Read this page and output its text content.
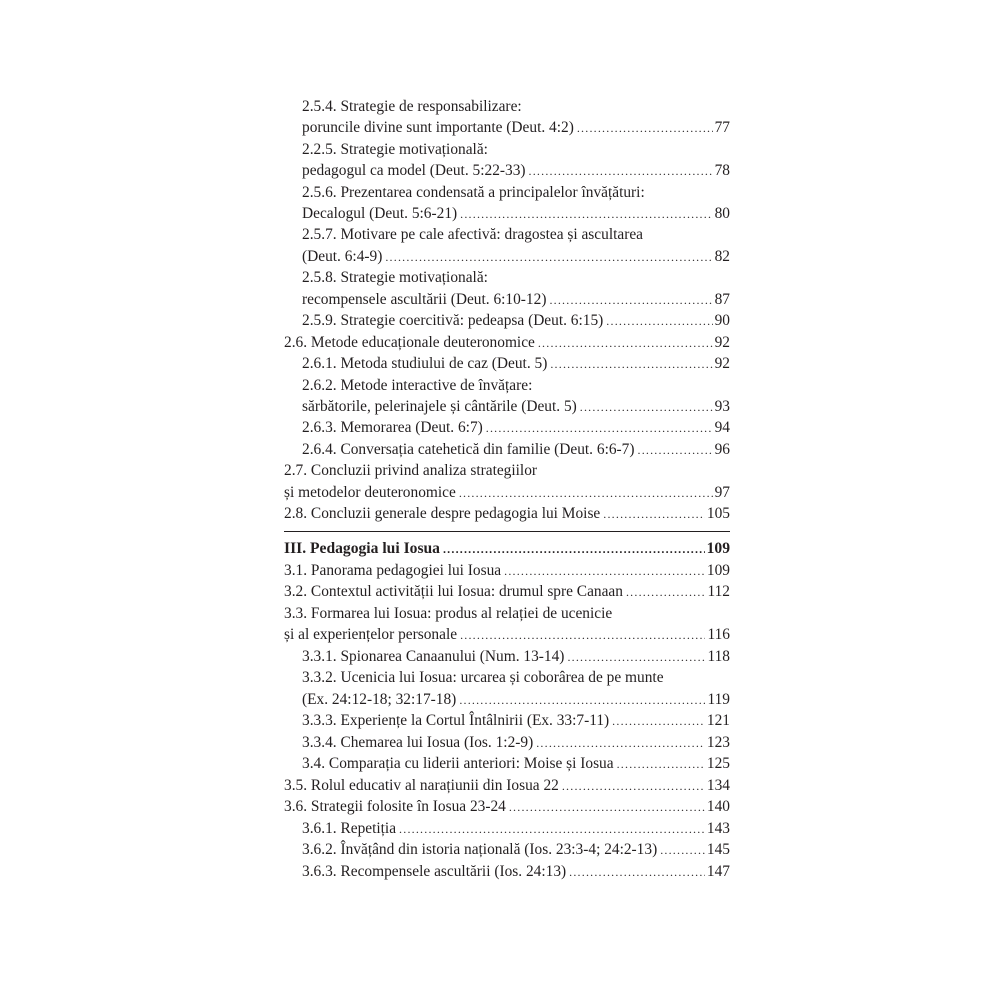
2.5.4. Strategie de responsabilizare:
poruncile divine sunt importante (Deut. 4:2) .....	77
2.2.5. Strategie motivațională:
pedagogul ca model (Deut. 5:22-33) .....	78
2.5.6. Prezentarea condensată a principalelor învățături:
Decalogul (Deut. 5:6-21) .....	80
2.5.7. Motivare pe cale afectivă: dragostea și ascultarea
(Deut. 6:4-9) .....	82
2.5.8. Strategie motivațională:
recompensele ascultării (Deut. 6:10-12) .....	87
2.5.9. Strategie coercitivă: pedeapsa (Deut. 6:15) .....	90
2.6. Metode educaționale deuteronomice .....	92
2.6.1. Metoda studiului de caz (Deut. 5) .....	92
2.6.2. Metode interactive de învățare:
sărbătorile, pelerinajele și cântările (Deut. 5) .....	93
2.6.3. Memorarea (Deut. 6:7) .....	94
2.6.4. Conversația catehetică din familie (Deut. 6:6-7) .....	96
2.7. Concluzii privind analiza strategiilor
și metodelor deuteronomice .....	97
2.8. Concluzii generale despre pedagogia lui Moise .....	105
III. Pedagogia lui Iosua .....	109
3.1. Panorama pedagogiei lui Iosua .....	109
3.2. Contextul activității lui Iosua: drumul spre Canaan .....	112
3.3. Formarea lui Iosua: produs al relației de ucenicie
și al experiențelor personale .....	116
3.3.1. Spionarea Canaanului (Num. 13-14) .....	118
3.3.2. Ucenicia lui Iosua: urcarea și coborârea de pe munte
(Ex. 24:12-18; 32:17-18) .....	119
3.3.3. Experiențe la Cortul Întâlnirii (Ex. 33:7-11) .....	121
3.3.4. Chemarea lui Iosua (Ios. 1:2-9) .....	123
3.4. Comparația cu liderii anteriori: Moise și Iosua .....	125
3.5. Rolul educativ al narațiunii din Iosua 22 .....	134
3.6. Strategii folosite în Iosua 23-24 .....	140
3.6.1. Repetiția .....	143
3.6.2. Învățând din istoria națională (Ios. 23:3-4; 24:2-13) .....	145
3.6.3. Recompensele ascultării (Ios. 24:13) .....	147
